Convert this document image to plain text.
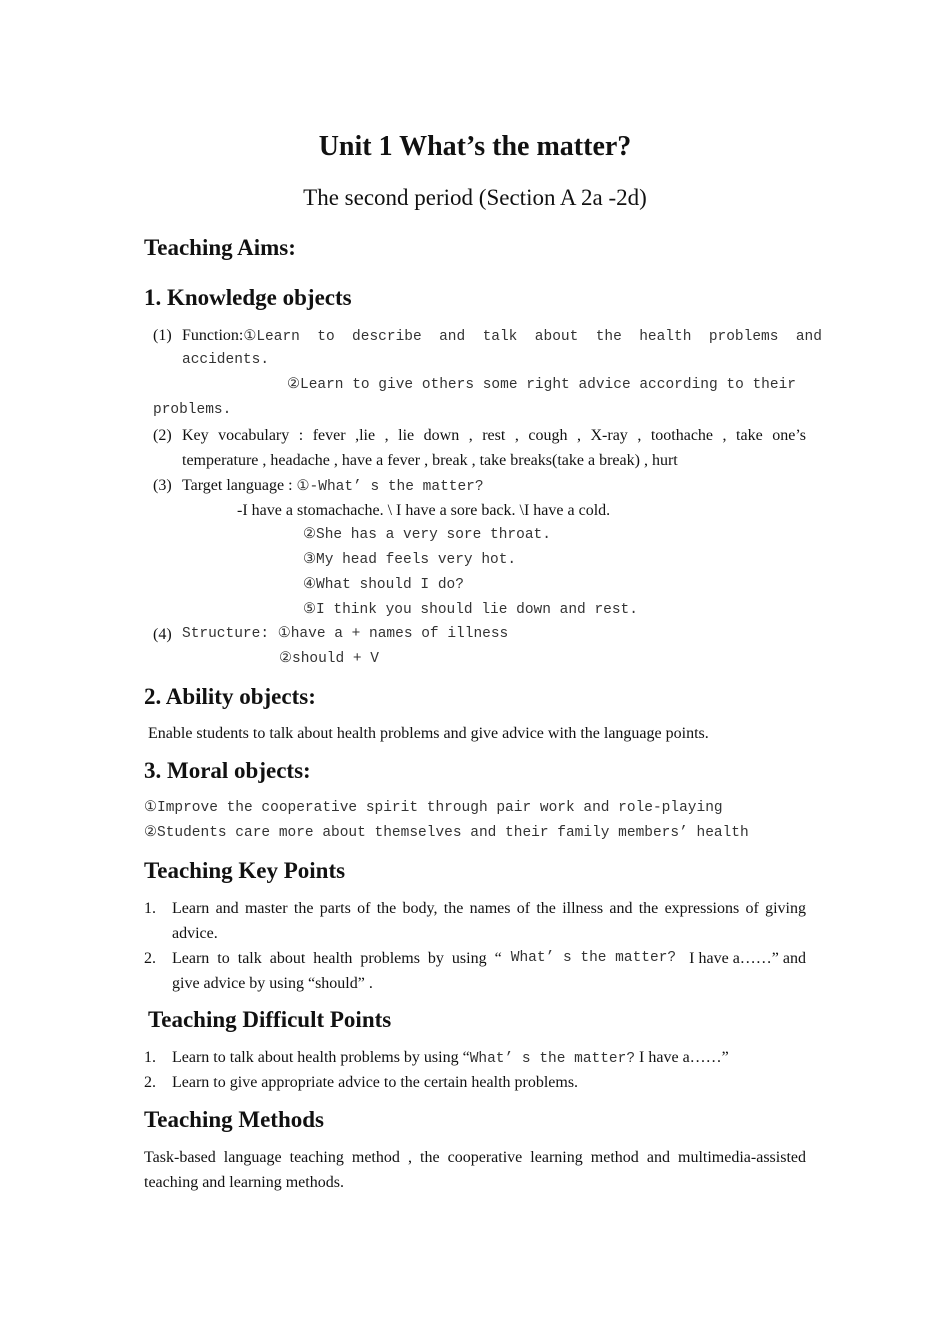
Unit 1 What’s the matter?
The second period (Section A 2a -2d)
Teaching Aims:
1. Knowledge objects
(1) Function:①Learn  to  describe  and  talk  about  the  health  problems  and
accidents.
②Learn to give others some right advice according to their
problems.
(2) Key vocabulary : fever ,lie , lie down , rest , cough , X-ray , toothache , take one’s
temperature , headache , have a fever , break , take breaks(take a break) , hurt
(3) Target language : ①-What’ s the matter?
-I have a stomachache. \ I have a sore back. \I have a cold.
②She has a very sore throat.
③My head feels very hot.
④What should I do?
⑤I think you should lie down and rest.
(4) Structure: ①have a + names of illness
②should + V
2. Ability objects:
Enable students to talk about health problems and give advice with the language points.
3. Moral objects:
①Improve the cooperative spirit through pair work and role-playing
②Students care more about themselves and their family members’ health
Teaching Key Points
1. Learn and master the parts of the body, the names of the illness and the expressions of giving
advice.
2. Learn  to  talk  about  health  problems  by  using  “ What’ s the matter? I have a……” and
give advice by using “should” .
Teaching Difficult Points
1. Learn to talk about health problems by using “What’ s the matter? I have a……”
2. Learn to give appropriate advice to the certain health problems.
Teaching Methods
Task-based language teaching method , the cooperative learning method and multimedia-assisted
teaching and learning methods.
